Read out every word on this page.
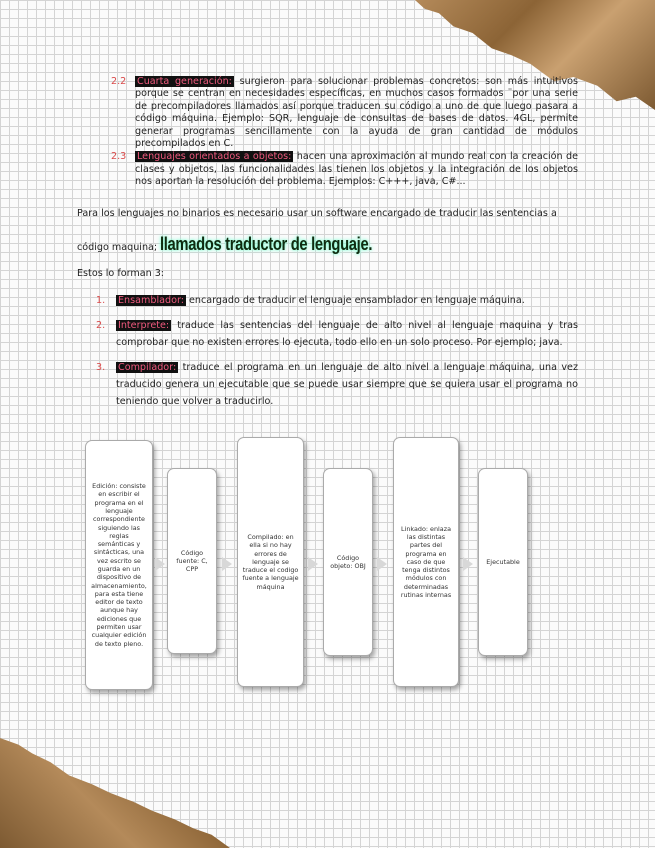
2.2	Cuarta generación: surgieron para solucionar problemas concretos: son más intuitivos porque se centran en necesidades específicas, en muchos casos formados ¨por una serie de precompiladores llamados así porque traducen su código a uno de que luego pasara a código máquina. Ejemplo: SQR, lenguaje de consultas de bases de datos. 4GL, permite generar programas sencillamente con la ayuda de gran cantidad de módulos precompilados en C.
2.3	Lenguajes orientados a objetos: hacen una aproximación al mundo real con la creación de clases y objetos, las funcionalidades las tienen los objetos y la integración de los objetos nos aportan la resolución del problema. Ejemplos: C+++, java, C#...
Para los lenguajes no binarios es necesario usar un software encargado de traducir las sentencias a código maquina; llamados traductor de lenguaje.
Estos lo forman 3:
1. Ensamblador: encargado de traducir el lenguaje ensamblador en lenguaje máquina.
2. Interprete: traduce las sentencias del lenguaje de alto nivel al lenguaje maquina y tras comprobar que no existen errores lo ejecuta, todo ello en un solo proceso. Por ejemplo; java.
3. Compilador: traduce el programa en un lenguaje de alto nivel a lenguaje máquina, una vez traducido genera un ejecutable que se puede usar siempre que se quiera usar el programa no teniendo que volver a traducirlo.
Edición: consiste en escribir el programa en el lenguaje correspondiente siguiendo las reglas semánticas y sintácticas, una vez escrito se guarda en un dispositivo de almacenamiento, para esta tiene editor de texto aunque hay ediciones que permiten usar cualquier edición de texto pleno.
Código fuente: C, CPP
Compilado: en ella si no hay errores de lenguaje se traduce el codigo fuente a lenguaje máquina
Código objeto: OBJ
Linkado: enlaza las distintas partes del programa en caso de que tenga distintos módulos con determinadas rutinas internas
Ejecutable
